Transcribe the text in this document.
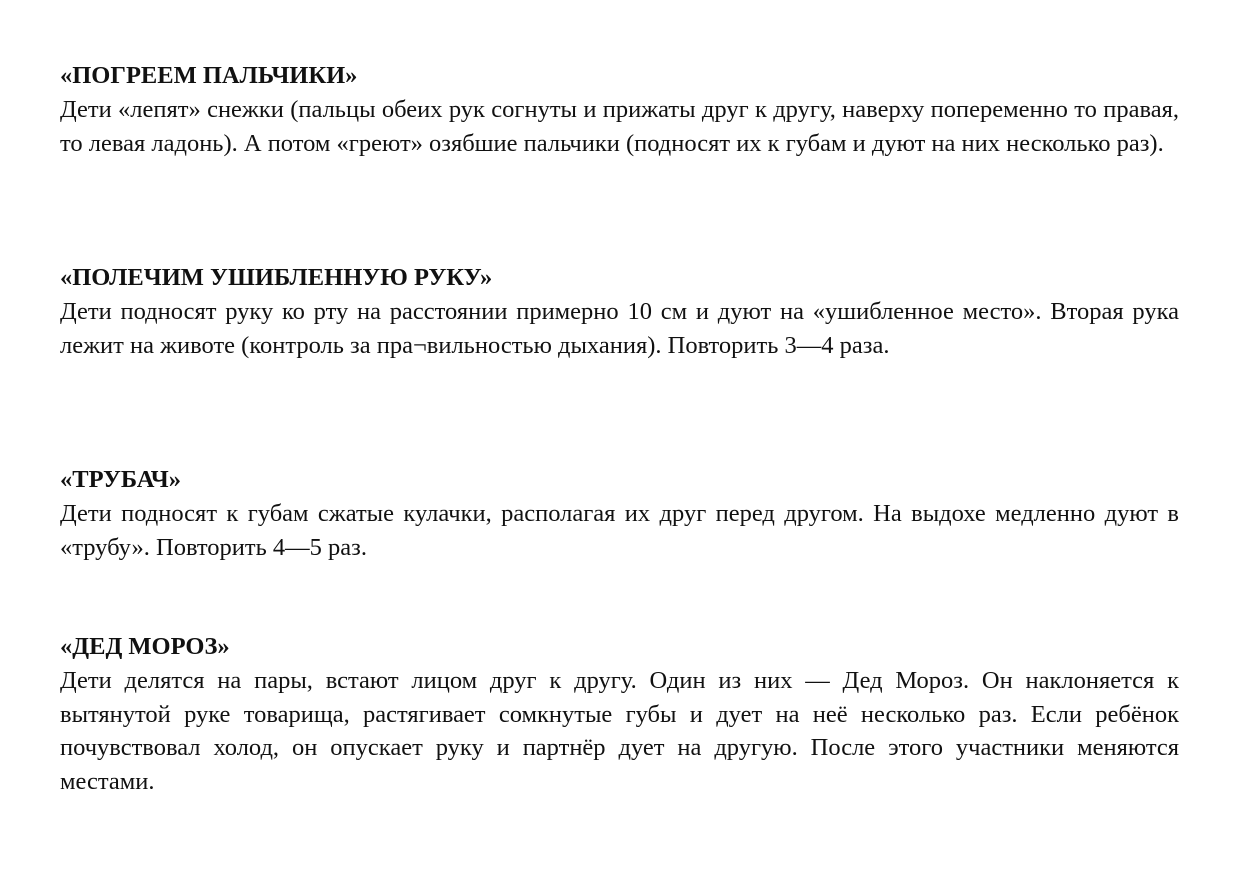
«ПОГРЕЕМ ПАЛЬЧИКИ»

Дети «лепят» снежки (пальцы обеих рук согнуты и прижаты друг к другу, наверху попеременно то правая, то левая ладонь). А потом «греют» озябшие пальчики (подносят их к губам и дуют на них несколько раз).

«ПОЛЕЧИМ УШИБЛЕННУЮ РУКУ»

Дети подносят руку ко рту на расстоянии примерно 10 см и дуют на «ушибленное место». Вторая рука лежит на животе (контроль за пра¬вильностью дыхания). Повторить 3—4 раза.

«ТРУБАЧ»

Дети подносят к губам сжатые кулачки, располагая их друг перед другом. На выдохе медленно дуют в «трубу». Повторить 4—5 раз.

«ДЕД МОРОЗ»

Дети делятся на пары, встают лицом друг к другу. Один из них — Дед Мороз. Он наклоняется к вытянутой руке товарища, растягивает сомкнутые губы и дует на неё несколько раз. Если ребёнок почувствовал холод, он опускает руку и партнёр дует на другую. После этого участники меняются местами.
